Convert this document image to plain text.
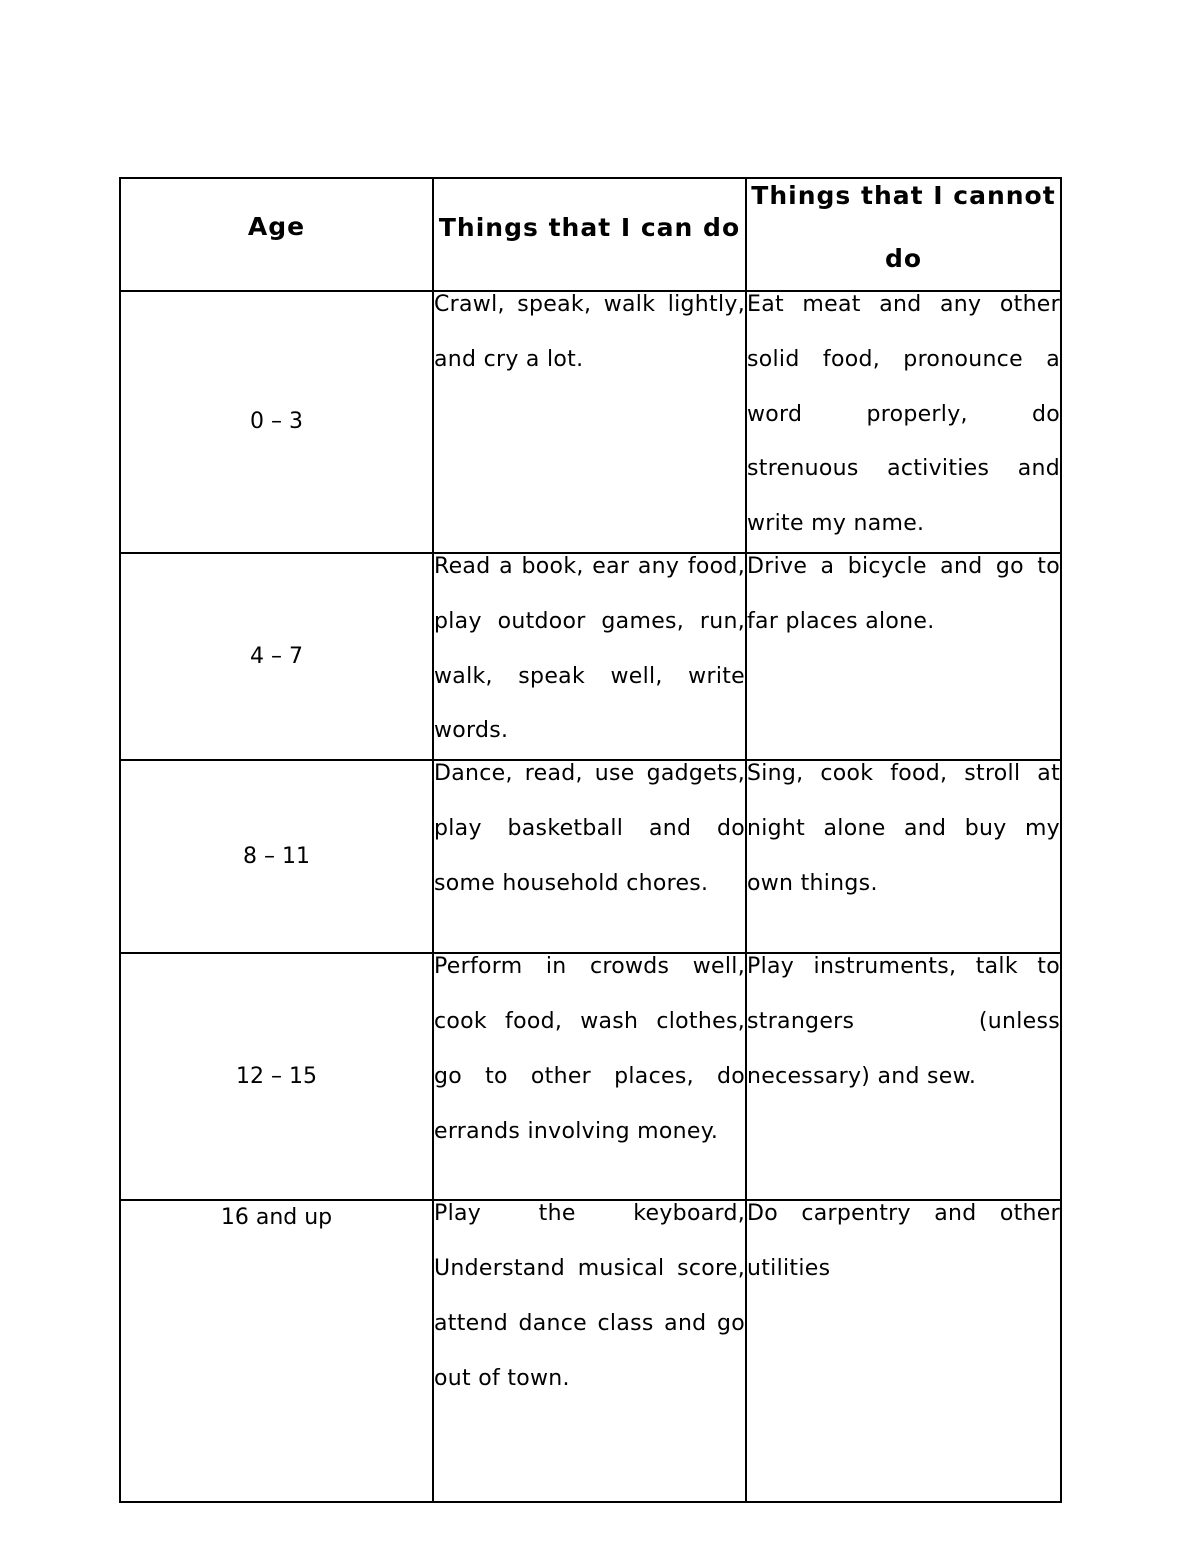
Age	Things that I can do	Things that I cannot do

0 – 3	Crawl, speak, walk lightly, and cry a lot.	Eat meat and any other solid food, pronounce a word properly, do strenuous activities and write my name.

4 – 7	Read a book, ear any food, play outdoor games, run, walk, speak well, write words.	Drive a bicycle and go to far places alone.

8 – 11	Dance, read, use gadgets, play basketball and do some household chores.	Sing, cook food, stroll at night alone and buy my own things.

12 – 15	Perform in crowds well, cook food, wash clothes, go to other places, do errands involving money.	Play instruments, talk to strangers (unless necessary) and sew.

16 and up	Play the keyboard, Understand musical score, attend dance class and go out of town.	Do carpentry and other utilities
